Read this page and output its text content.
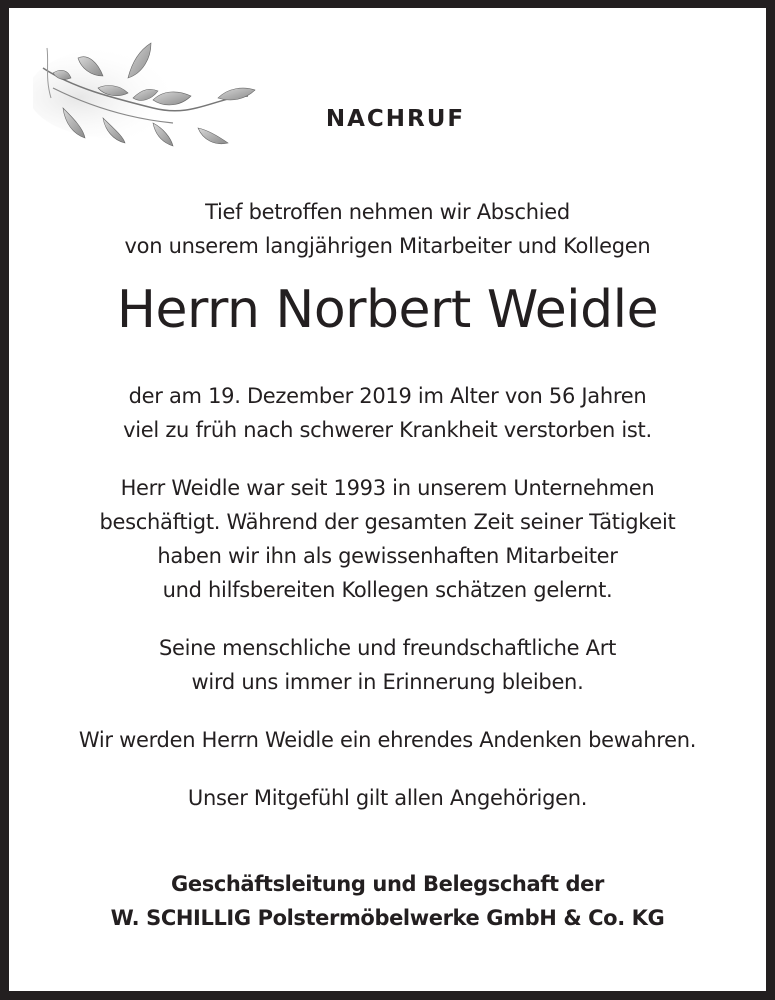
NACHRUF
Tief betroffen nehmen wir Abschied
von unserem langjährigen Mitarbeiter und Kollegen
Herrn Norbert Weidle
der am 19. Dezember 2019 im Alter von 56 Jahren
viel zu früh nach schwerer Krankheit verstorben ist.
Herr Weidle war seit 1993 in unserem Unternehmen
beschäftigt. Während der gesamten Zeit seiner Tätigkeit
haben wir ihn als gewissenhaften Mitarbeiter
und hilfsbereiten Kollegen schätzen gelernt.
Seine menschliche und freundschaftliche Art
wird uns immer in Erinnerung bleiben.
Wir werden Herrn Weidle ein ehrendes Andenken bewahren.
Unser Mitgefühl gilt allen Angehörigen.
Geschäftsleitung und Belegschaft der
W. SCHILLIG Polstermöbelwerke GmbH & Co. KG
